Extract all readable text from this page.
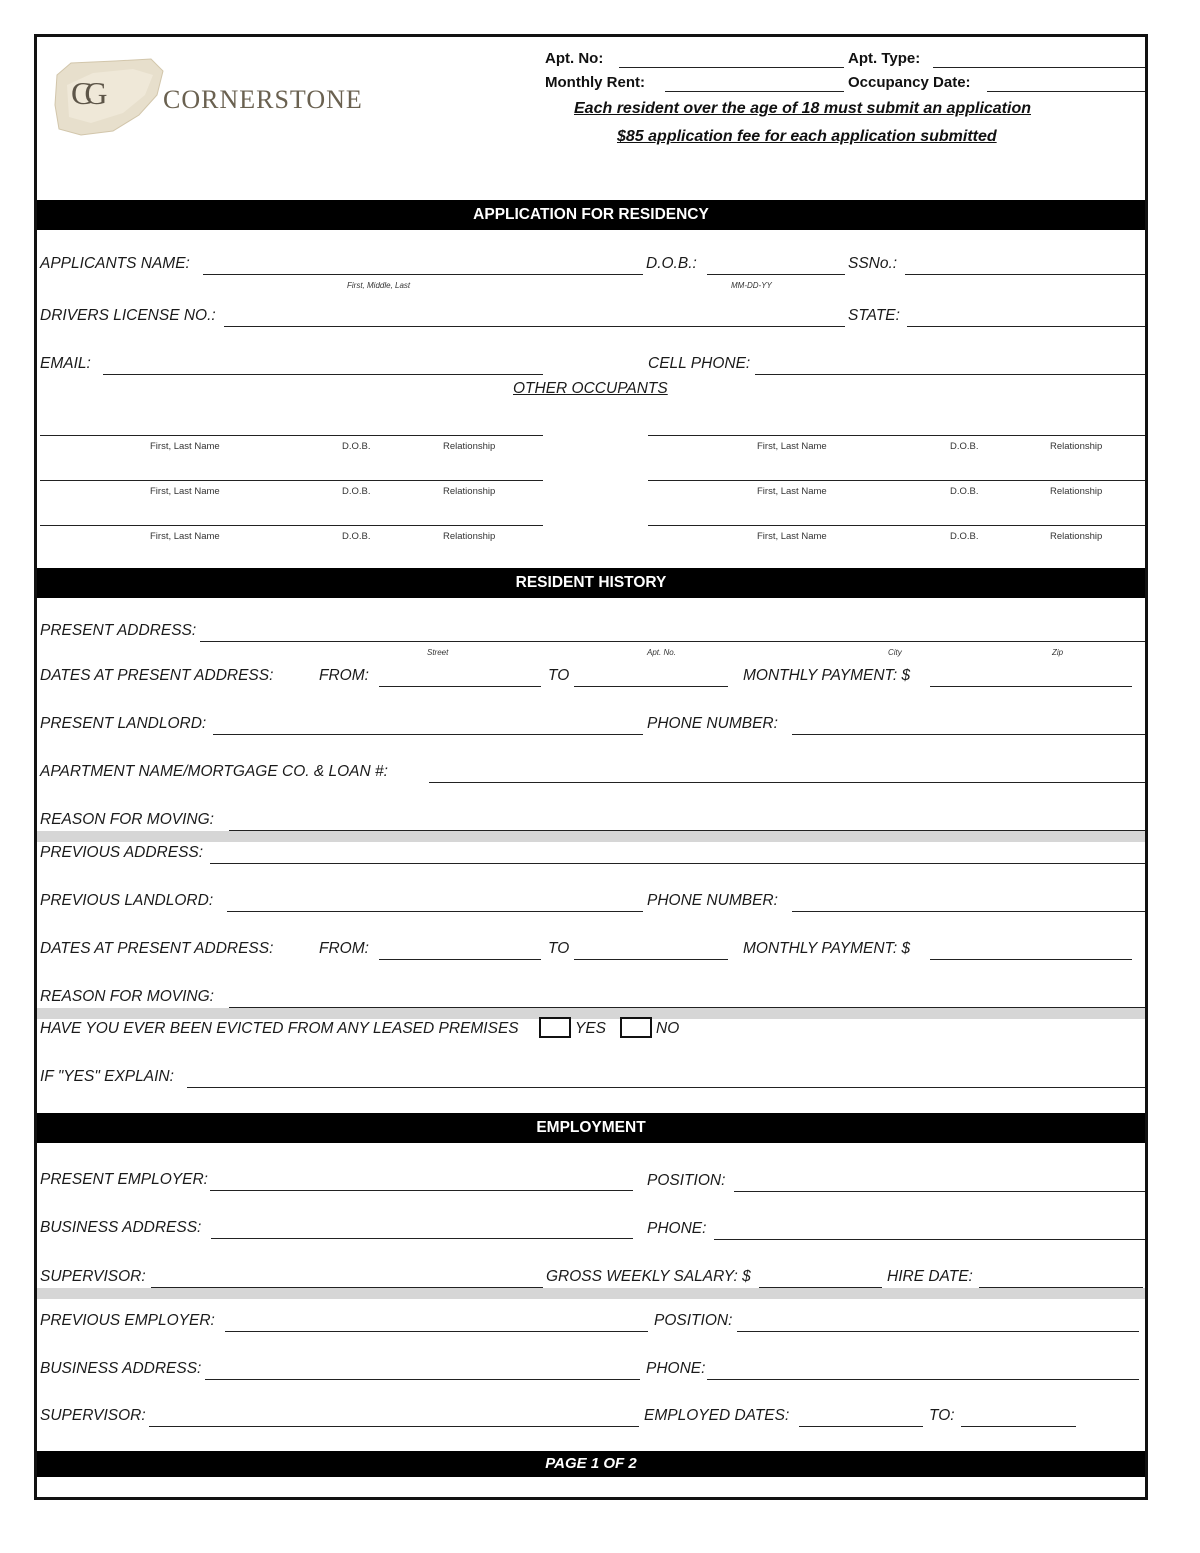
CG CORNERSTONE
Apt. No:	Apt. Type:
Monthly Rent:	Occupancy Date:
Each resident over the age of 18 must submit an application
$85 application fee for each application submitted
APPLICATION FOR RESIDENCY
APPLICANTS NAME:
First, Middle, Last
D.O.B.:
MM-DD-YY
SSNo.:
DRIVERS LICENSE NO.:	STATE:
EMAIL:	CELL PHONE:
OTHER OCCUPANTS
First, Last Name	D.O.B.	Relationship
First, Last Name	D.O.B.	Relationship
First, Last Name	D.O.B.	Relationship
First, Last Name	D.O.B.	Relationship
First, Last Name	D.O.B.	Relationship
First, Last Name	D.O.B.	Relationship
RESIDENT HISTORY
PRESENT ADDRESS:
Street	Apt. No.	City	Zip
DATES AT PRESENT ADDRESS:	FROM:	TO	MONTHLY PAYMENT: $
PRESENT LANDLORD:	PHONE NUMBER:
APARTMENT NAME/MORTGAGE CO. & LOAN #:
REASON FOR MOVING:
PREVIOUS ADDRESS:
PREVIOUS LANDLORD:	PHONE NUMBER:
DATES AT PRESENT ADDRESS:	FROM:	TO	MONTHLY PAYMENT: $
REASON FOR MOVING:
HAVE YOU EVER BEEN EVICTED FROM ANY LEASED PREMISES	YES	NO
IF "YES" EXPLAIN:
EMPLOYMENT
PRESENT EMPLOYER:	POSITION:
BUSINESS ADDRESS:	PHONE:
SUPERVISOR:	GROSS WEEKLY SALARY: $	HIRE DATE:
PREVIOUS EMPLOYER:	POSITION:
BUSINESS ADDRESS:	PHONE:
SUPERVISOR:	EMPLOYED DATES:	TO:
PAGE 1 OF 2
